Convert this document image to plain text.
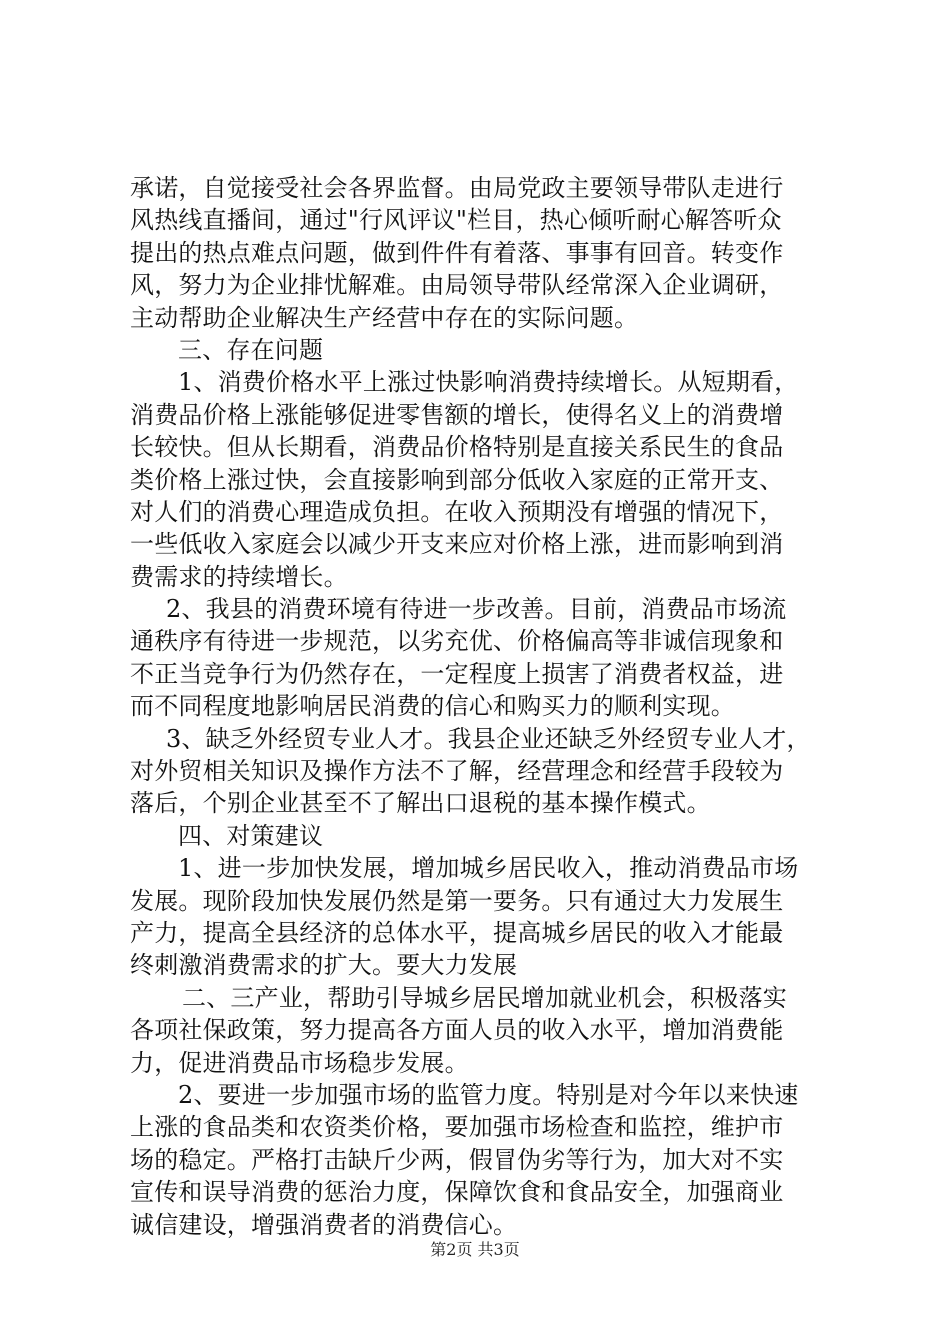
承诺，自觉接受社会各界监督。由局党政主要领导带队走进行
风热线直播间，通过"行风评议"栏目，热心倾听耐心解答听众
提出的热点难点问题，做到件件有着落、事事有回音。转变作
风，努力为企业排忧解难。由局领导带队经常深入企业调研，
主动帮助企业解决生产经营中存在的实际问题。
三、存在问题
1、消费价格水平上涨过快影响消费持续增长。从短期看，
消费品价格上涨能够促进零售额的增长，使得名义上的消费增
长较快。但从长期看，消费品价格特别是直接关系民生的食品
类价格上涨过快，会直接影响到部分低收入家庭的正常开支、
对人们的消费心理造成负担。在收入预期没有增强的情况下，
一些低收入家庭会以减少开支来应对价格上涨，进而影响到消
费需求的持续增长。
2、我县的消费环境有待进一步改善。目前，消费品市场流
通秩序有待进一步规范，以劣充优、价格偏高等非诚信现象和
不正当竞争行为仍然存在，一定程度上损害了消费者权益，进
而不同程度地影响居民消费的信心和购买力的顺利实现。
3、缺乏外经贸专业人才。我县企业还缺乏外经贸专业人才，
对外贸相关知识及操作方法不了解，经营理念和经营手段较为
落后，个别企业甚至不了解出口退税的基本操作模式。
四、对策建议
1、进一步加快发展，增加城乡居民收入，推动消费品市场
发展。现阶段加快发展仍然是第一要务。只有通过大力发展生
产力，提高全县经济的总体水平，提高城乡居民的收入才能最
终刺激消费需求的扩大。要大力发展
二、三产业，帮助引导城乡居民增加就业机会，积极落实
各项社保政策，努力提高各方面人员的收入水平，增加消费能
力，促进消费品市场稳步发展。
2、要进一步加强市场的监管力度。特别是对今年以来快速
上涨的食品类和农资类价格，要加强市场检查和监控，维护市
场的稳定。严格打击缺斤少两，假冒伪劣等行为，加大对不实
宣传和误导消费的惩治力度，保障饮食和食品安全，加强商业
诚信建设，增强消费者的消费信心。
第2页 共3页
